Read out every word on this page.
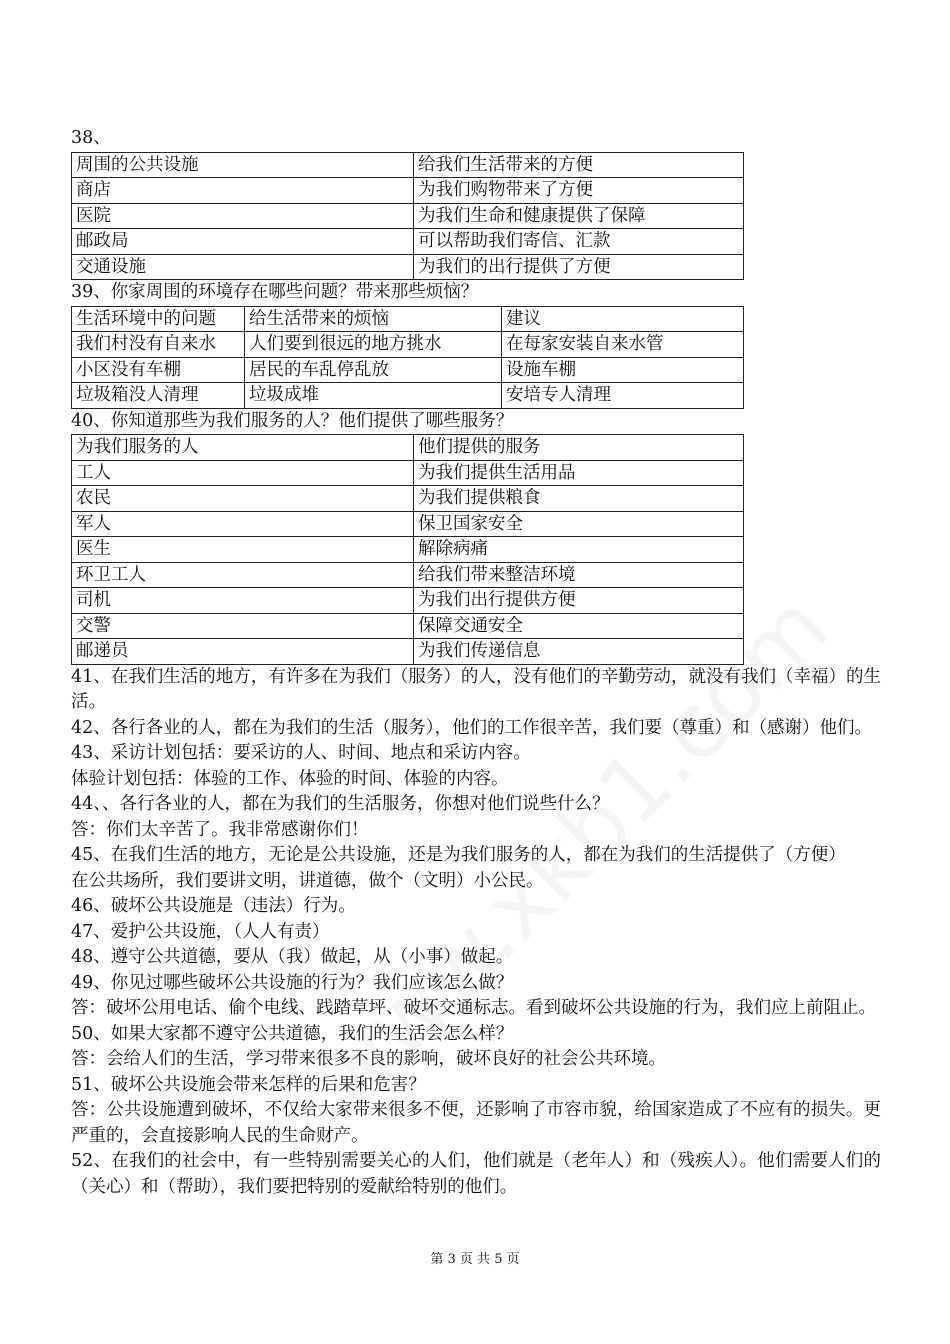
38、
周围的公共设施	给我们生活带来的方便
商店	为我们购物带来了方便
医院	为我们生命和健康提供了保障
邮政局	可以帮助我们寄信、汇款
交通设施	为我们的出行提供了方便
39、你家周围的环境存在哪些问题？带来那些烦恼？
生活环境中的问题	给生活带来的烦恼	建议
我们村没有自来水	人们要到很远的地方挑水	在每家安装自来水管
小区没有车棚	居民的车乱停乱放	设施车棚
垃圾箱没人清理	垃圾成堆	安培专人清理
40、你知道那些为我们服务的人？他们提供了哪些服务？
为我们服务的人	他们提供的服务
工人	为我们提供生活用品
农民	为我们提供粮食
军人	保卫国家安全
医生	解除病痛
环卫工人	给我们带来整洁环境
司机	为我们出行提供方便
交警	保障交通安全
邮递员	为我们传递信息
41、在我们生活的地方，有许多在为我们（服务）的人，没有他们的辛勤劳动，就没有我们（幸福）的生活。
42、各行各业的人，都在为我们的生活（服务），他们的工作很辛苦，我们要（尊重）和（感谢）他们。
43、采访计划包括：要采访的人、时间、地点和采访内容。
体验计划包括：体验的工作、体验的时间、体验的内容。
44、、各行各业的人，都在为我们的生活服务，你想对他们说些什么？
答：你们太辛苦了。我非常感谢你们！
45、在我们生活的地方，无论是公共设施，还是为我们服务的人，都在为我们的生活提供了（方便）
在公共场所，我们要讲文明，讲道德，做个（文明）小公民。
46、破坏公共设施是（违法）行为。
47、爱护公共设施，（人人有责）
48、遵守公共道德，要从（我）做起，从（小事）做起。
49、你见过哪些破坏公共设施的行为？我们应该怎么做？
答：破坏公用电话、偷个电线、践踏草坪、破坏交通标志。看到破坏公共设施的行为，我们应上前阻止。
50、如果大家都不遵守公共道德，我们的生活会怎么样？
答：会给人们的生活，学习带来很多不良的影响，破坏良好的社会公共环境。
51、破坏公共设施会带来怎样的后果和危害？
答：公共设施遭到破坏，不仅给大家带来很多不便，还影响了市容市貌，给国家造成了不应有的损失。更严重的，会直接影响人民的生命财产。
52、在我们的社会中，有一些特别需要关心的人们，他们就是（老年人）和（残疾人）。他们需要人们的（关心）和（帮助），我们要把特别的爱献给特别的他们。
第 3 页 共 5 页
